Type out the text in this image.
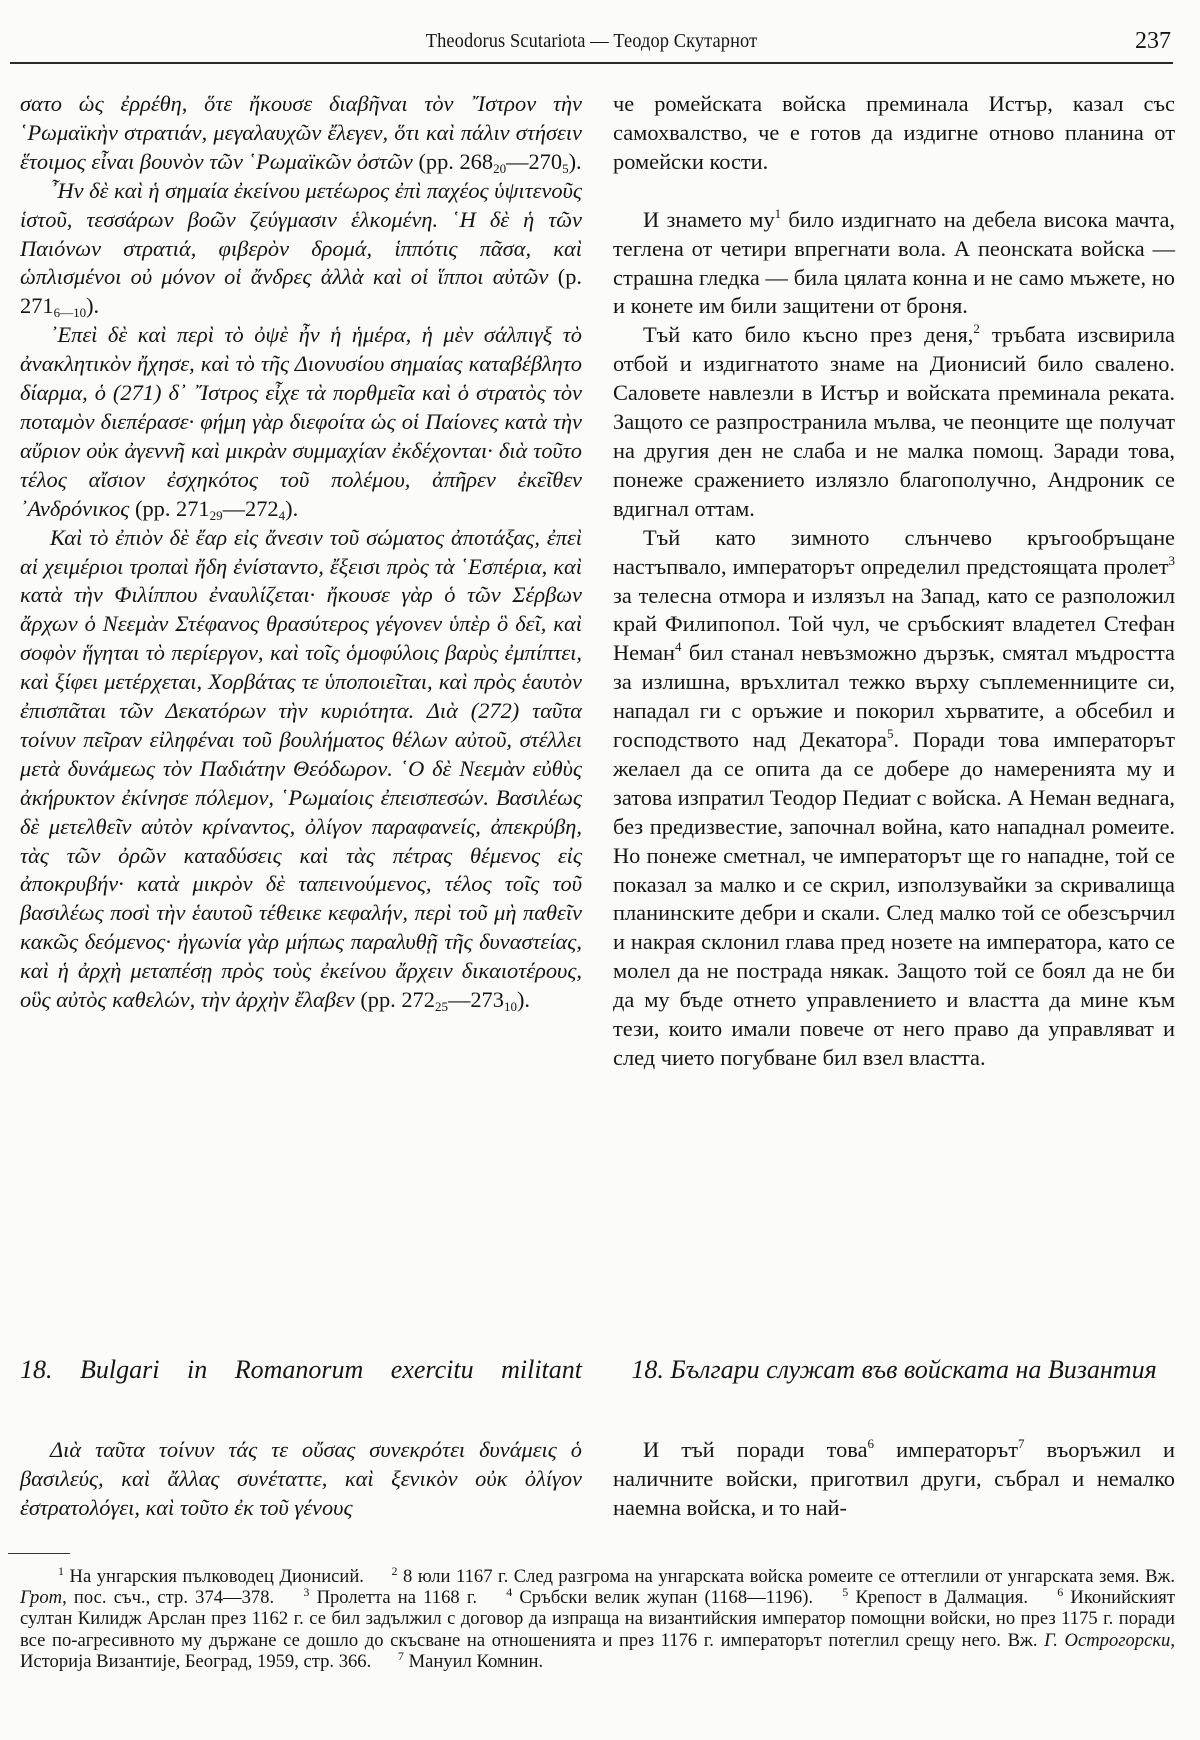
Theodorus Scutariota — Теодор Скутарнот	237

σατο ὡς ἐρρέθη, ὅτε ἤκουσε διαβῆναι τὸν ῎Ιστρον τὴν ῾Ρωμαϊκὴν στρατιάν, μεγαλαυχῶν ἔλεγεν, ὅτι καὶ πάλιν στήσειν ἕτοιμος εἶναι βουνὸν τῶν ῾Ρωμαϊκῶν ὀστῶν (pp. $268_{20}—270_5$).

῏Ην δὲ καὶ ἡ σημαία ἐκείνου μετέωρος ἐπὶ παχέος ὑψιτενοῦς ἱστοῦ, τεσσάρων βοῶν ζεύγμασιν ἑλκομένη. ῾Η δὲ ἡ τῶν Παιόνων στρατιά, φιβερὸν δρομά, ἱππότις πᾶσα, καὶ ὡπλισμένοι οὐ μόνον οἱ ἄνδρες ἀλλὰ καὶ οἱ ἵπποι αὐτῶν (p. $271_{6—10}$).

᾿Επεὶ δὲ καὶ περὶ τὸ ὀψὲ ἦν ἡ ἡμέρα, ἡ μὲν σάλπιγξ τὸ ἀνακλητικὸν ἤχησε, καὶ τὸ τῆς Διονυσίου σημαίας καταβέβλητο δίαρμα, ὁ (271) δ᾿ ῎Ιστρος εἶχε τὰ πορθμεῖα καὶ ὁ στρατὸς τὸν ποταμὸν διεπέρασε· φήμη γὰρ διεφοίτα ὡς οἱ Παίονες κατὰ τὴν αὔριον οὐκ ἀγεννῆ καὶ μικρὰν συμμαχίαν ἐκδέχονται· διὰ τοῦτο τέλος αἴσιον ἐσχηκότος τοῦ πολέμου, ἀπῆρεν ἐκεῖθεν ᾿Ανδρόνικος (pp. $271_{29}—272_4$).

Καὶ τὸ ἐπιὸν δὲ ἔαρ εἰς ἄνεσιν τοῦ σώματος ἀποτάξας, ἐπεὶ αἱ χειμέριοι τροπαὶ ἤδη ἐνίσταντο, ἔξεισι πρὸς τὰ ῾Εσπέρια, καὶ κατὰ τὴν Φιλίππου ἐναυλίζεται· ἤκουσε γὰρ ὁ τῶν Σέρβων ἄρχων ὁ Νεεμὰν Στέφανος θρασύτερος γέγονεν ὑπὲρ ὃ δεῖ, καὶ σοφὸν ἥγηται τὸ περίεργον, καὶ τοῖς ὁμοφύλοις βαρὺς ἐμπίπτει, καὶ ξίφει μετέρχεται, Χορβάτας τε ὑποποιεῖται, καὶ πρὸς ἑαυτὸν ἐπισπᾶται τῶν Δεκατόρων τὴν κυριότητα. Διὰ (272) ταῦτα τοίνυν πεῖραν εἰληφέναι τοῦ βουλήματος θέλων αὐτοῦ, στέλλει μετὰ δυνάμεως τὸν Παδιάτην Θεόδωρον. ῾Ο δὲ Νεεμὰν εὐθὺς ἀκήρυκτον ἐκίνησε πόλεμον, ῾Ρωμαίοις ἐπεισπεσών. Βασιλέως δὲ μετελθεῖν αὐτὸν κρίναντος, ὀλίγον παραφανείς, ἀπεκρύβη, τὰς τῶν ὀρῶν καταδύσεις καὶ τὰς πέτρας θέμενος εἰς ἀποκρυβήν· κατὰ μικρὸν δὲ ταπεινούμενος, τέλος τοῖς τοῦ βασιλέως ποσὶ τὴν ἑαυτοῦ τέθεικε κεφαλήν, περὶ τοῦ μὴ παθεῖν κακῶς δεόμενος· ἠγωνία γὰρ μήπως παραλυθῇ τῆς δυναστείας, καὶ ἡ ἀρχὴ μεταπέσῃ πρὸς τοὺς ἐκείνου ἄρχειν δικαιοτέρους, οὓς αὐτὸς καθελών, τὴν ἀρχὴν ἔλαβεν (pp. $272_{25}—273_{10}$).

че ромейската войска преминала Истър, казал със самохвалство, че е готов да издигне отново планина от ромейски кости.

И знамето $му^1$ било издигнато на дебела висока мачта, теглена от четири впрегнати вола. А пеонската войска — страшна гледка — била цялата конна и не само мъжете, но и конете им били защитени от броня.

Тъй като било късно през деня,$^2$ тръбата изсвирила отбой и издигнатото знаме на Дионисий било свалено. Саловете навлезли в Истър и войската преминала реката. Защото се разпространила мълва, че пеонците ще получат на другия ден не слаба и не малка помощ. Заради това, понеже сражението излязло благополучно, Андроник се вдигнал оттам.

Тъй като зимното слънчево кръгообръщане настъпвало, императорът определил предстоящата пролет$^3$ за телесна отмора и излязъл на Запад, като се разположил край Филипопол. Той чул, че сръбският владетел Стефан Неман$^4$ бил станал невъзможно дързък, смятал мъдростта за излишна, връхлитал тежко върху съплеменниците си, нападал ги с оръжие и покорил хърватите, а обсебил и господството над Декатора$^5$. Поради това императорът желаел да се опита да се добере до намеренията му и затова изпратил Теодор Педиат с войска. А Неман веднага, без предизвестие, започнал война, като нападнал ромеите. Но понеже сметнал, че императорът ще го нападне, той се показал за малко и се скрил, използувайки за скривалища планинските дебри и скали. След малко той се обезсърчил и накрая склонил глава пред нозете на императора, като се молел да не пострада някак. Защото той се боял да не би да му бъде отнето управлението и властта да мине към тези, които имали повече от него право да управляват и след чието погубване бил взел властта.

18. Bulgari in Romanorum exercitu militant	18. Българи служат във войската на Византия

Διὰ ταῦτα τοίνυν τάς τε οὔσας συνεκρότει δυνάμεις ὁ βασιλεύς, καὶ ἄλλας συνέταττε, καὶ ξενικὸν οὐκ ὀλίγον ἐστρατολόγει, καὶ τοῦτο ἐκ τοῦ γένους

И тъй поради това$^6$ императорът$^7$ въоръжил и наличните войски, приготвил други, събрал и немалко наемна войска, и то най-

$^1$ На унгарския пълководец Дионисий. $^2$ 8 юли 1167 г. След разгрома на унгарската войска ромеите се оттеглили от унгарската земя. Вж. Грот, пос. съч., стр. 374—378. $^3$ Пролетта на 1168 г. $^4$ Сръбски велик жупан (1168—1196). $^5$ Крепост в Далмация. $^6$ Иконийският султан Килидж Арслан през 1162 г. се бил задължил с договор да изпраща на византийския император помощни войски, но през 1175 г. поради все по-агресивното му държане се дошло до скъсване на отношенията и през 1176 г. императорът потеглил срещу него. Вж. Г. Острогорски, Историја Византије, Београд, 1959, стр. 366. $^7$ Мануил Комнин.
